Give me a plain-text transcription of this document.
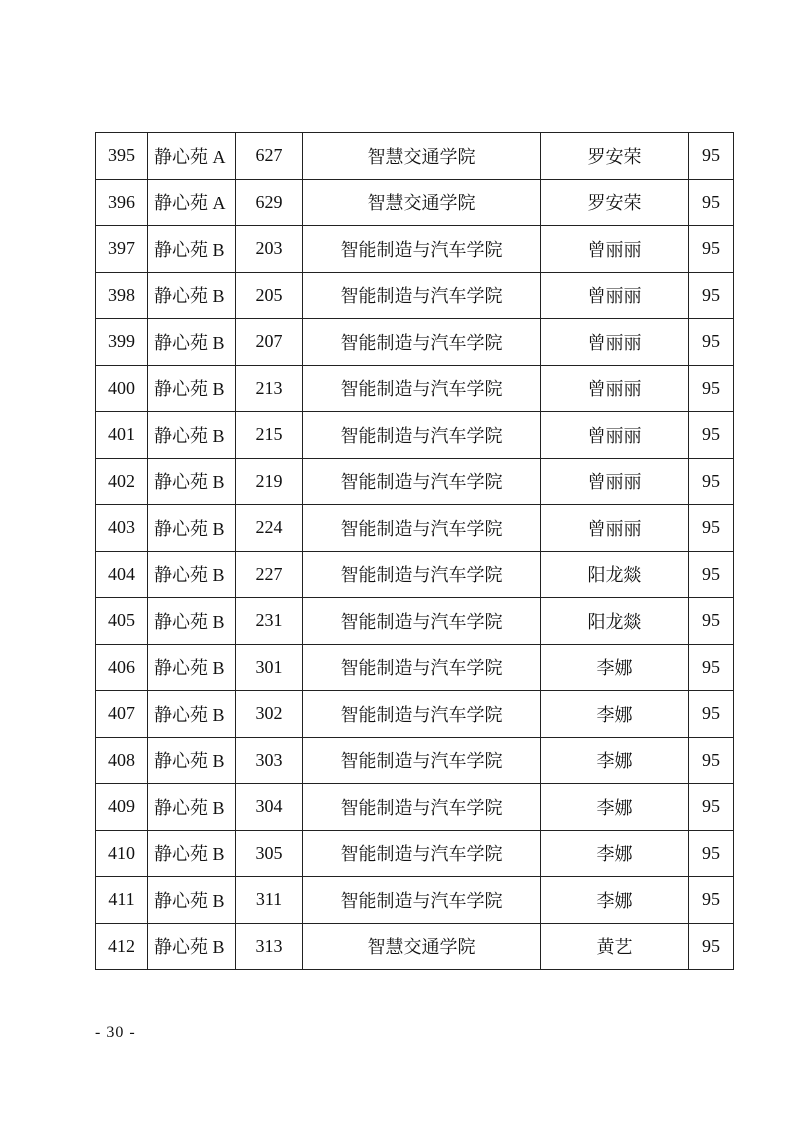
395	静心苑 A	627	智慧交通学院	罗安荣	95
396	静心苑 A	629	智慧交通学院	罗安荣	95
397	静心苑 B	203	智能制造与汽车学院	曾丽丽	95
398	静心苑 B	205	智能制造与汽车学院	曾丽丽	95
399	静心苑 B	207	智能制造与汽车学院	曾丽丽	95
400	静心苑 B	213	智能制造与汽车学院	曾丽丽	95
401	静心苑 B	215	智能制造与汽车学院	曾丽丽	95
402	静心苑 B	219	智能制造与汽车学院	曾丽丽	95
403	静心苑 B	224	智能制造与汽车学院	曾丽丽	95
404	静心苑 B	227	智能制造与汽车学院	阳龙燚	95
405	静心苑 B	231	智能制造与汽车学院	阳龙燚	95
406	静心苑 B	301	智能制造与汽车学院	李娜	95
407	静心苑 B	302	智能制造与汽车学院	李娜	95
408	静心苑 B	303	智能制造与汽车学院	李娜	95
409	静心苑 B	304	智能制造与汽车学院	李娜	95
410	静心苑 B	305	智能制造与汽车学院	李娜	95
411	静心苑 B	311	智能制造与汽车学院	李娜	95
412	静心苑 B	313	智慧交通学院	黄艺	95
- 30 -
